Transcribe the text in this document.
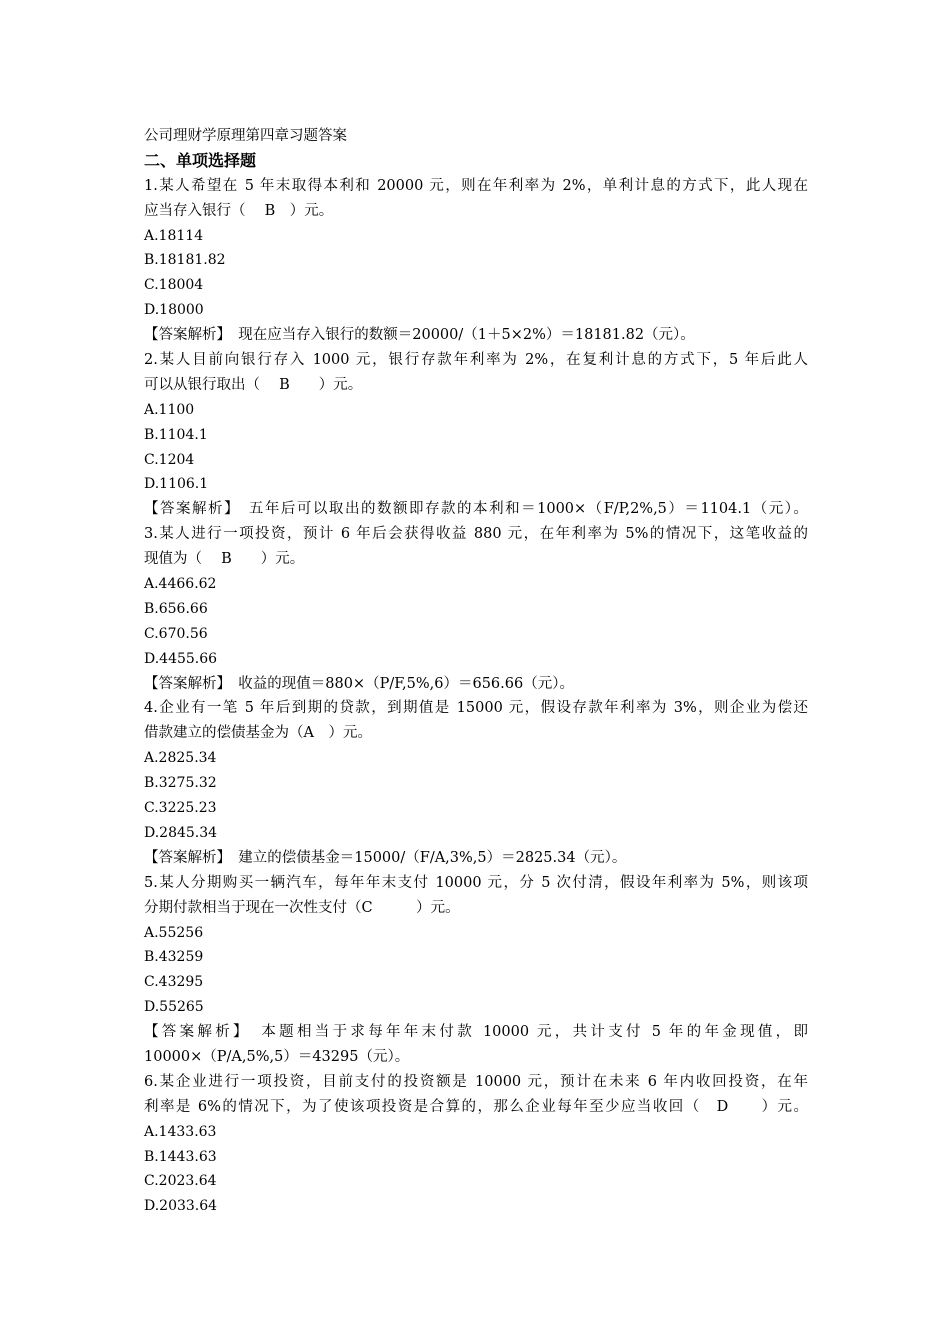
公司理财学原理第四章习题答案
二、单项选择题
1.某人希望在 5 年末取得本利和 20000 元，则在年利率为 2%，单利计息的方式下，此人现在
应当存入银行（　 B　）元。
A.18114
B.18181.82
C.18004
D.18000
【答案解析】　现在应当存入银行的数额＝20000/（1＋5×2%）＝18181.82（元）。
2.某人目前向银行存入 1000 元，银行存款年利率为 2%，在复利计息的方式下，5 年后此人
可以从银行取出（　 B　　）元。
A.1100
B.1104.1
C.1204
D.1106.1
【答案解析】　五年后可以取出的数额即存款的本利和＝1000×（F/P,2%,5）＝1104.1（元）。
3.某人进行一项投资，预计 6 年后会获得收益 880 元，在年利率为 5%的情况下，这笔收益的
现值为（　 B　　）元。
A.4466.62
B.656.66
C.670.56
D.4455.66
【答案解析】　收益的现值＝880×（P/F,5%,6）＝656.66（元）。
4.企业有一笔 5 年后到期的贷款，到期值是 15000 元，假设存款年利率为 3%，则企业为偿还
借款建立的偿债基金为（A　）元。
A.2825.34
B.3275.32
C.3225.23
D.2845.34
【答案解析】　建立的偿债基金＝15000/（F/A,3%,5）＝2825.34（元）。
5.某人分期购买一辆汽车，每年年末支付 10000 元，分 5 次付清，假设年利率为 5%，则该项
分期付款相当于现在一次性支付（C　　　）元。
A.55256
B.43259
C.43295
D.55265
【答案解析】　本题相当于求每年年末付款 10000 元，共计支付 5 年的年金现值，即
10000×（P/A,5%,5）＝43295（元）。
6.某企业进行一项投资，目前支付的投资额是 10000 元，预计在未来 6 年内收回投资，在年
利率是 6%的情况下，为了使该项投资是合算的，那么企业每年至少应当收回（　D　　）元。
A.1433.63
B.1443.63
C.2023.64
D.2033.64
